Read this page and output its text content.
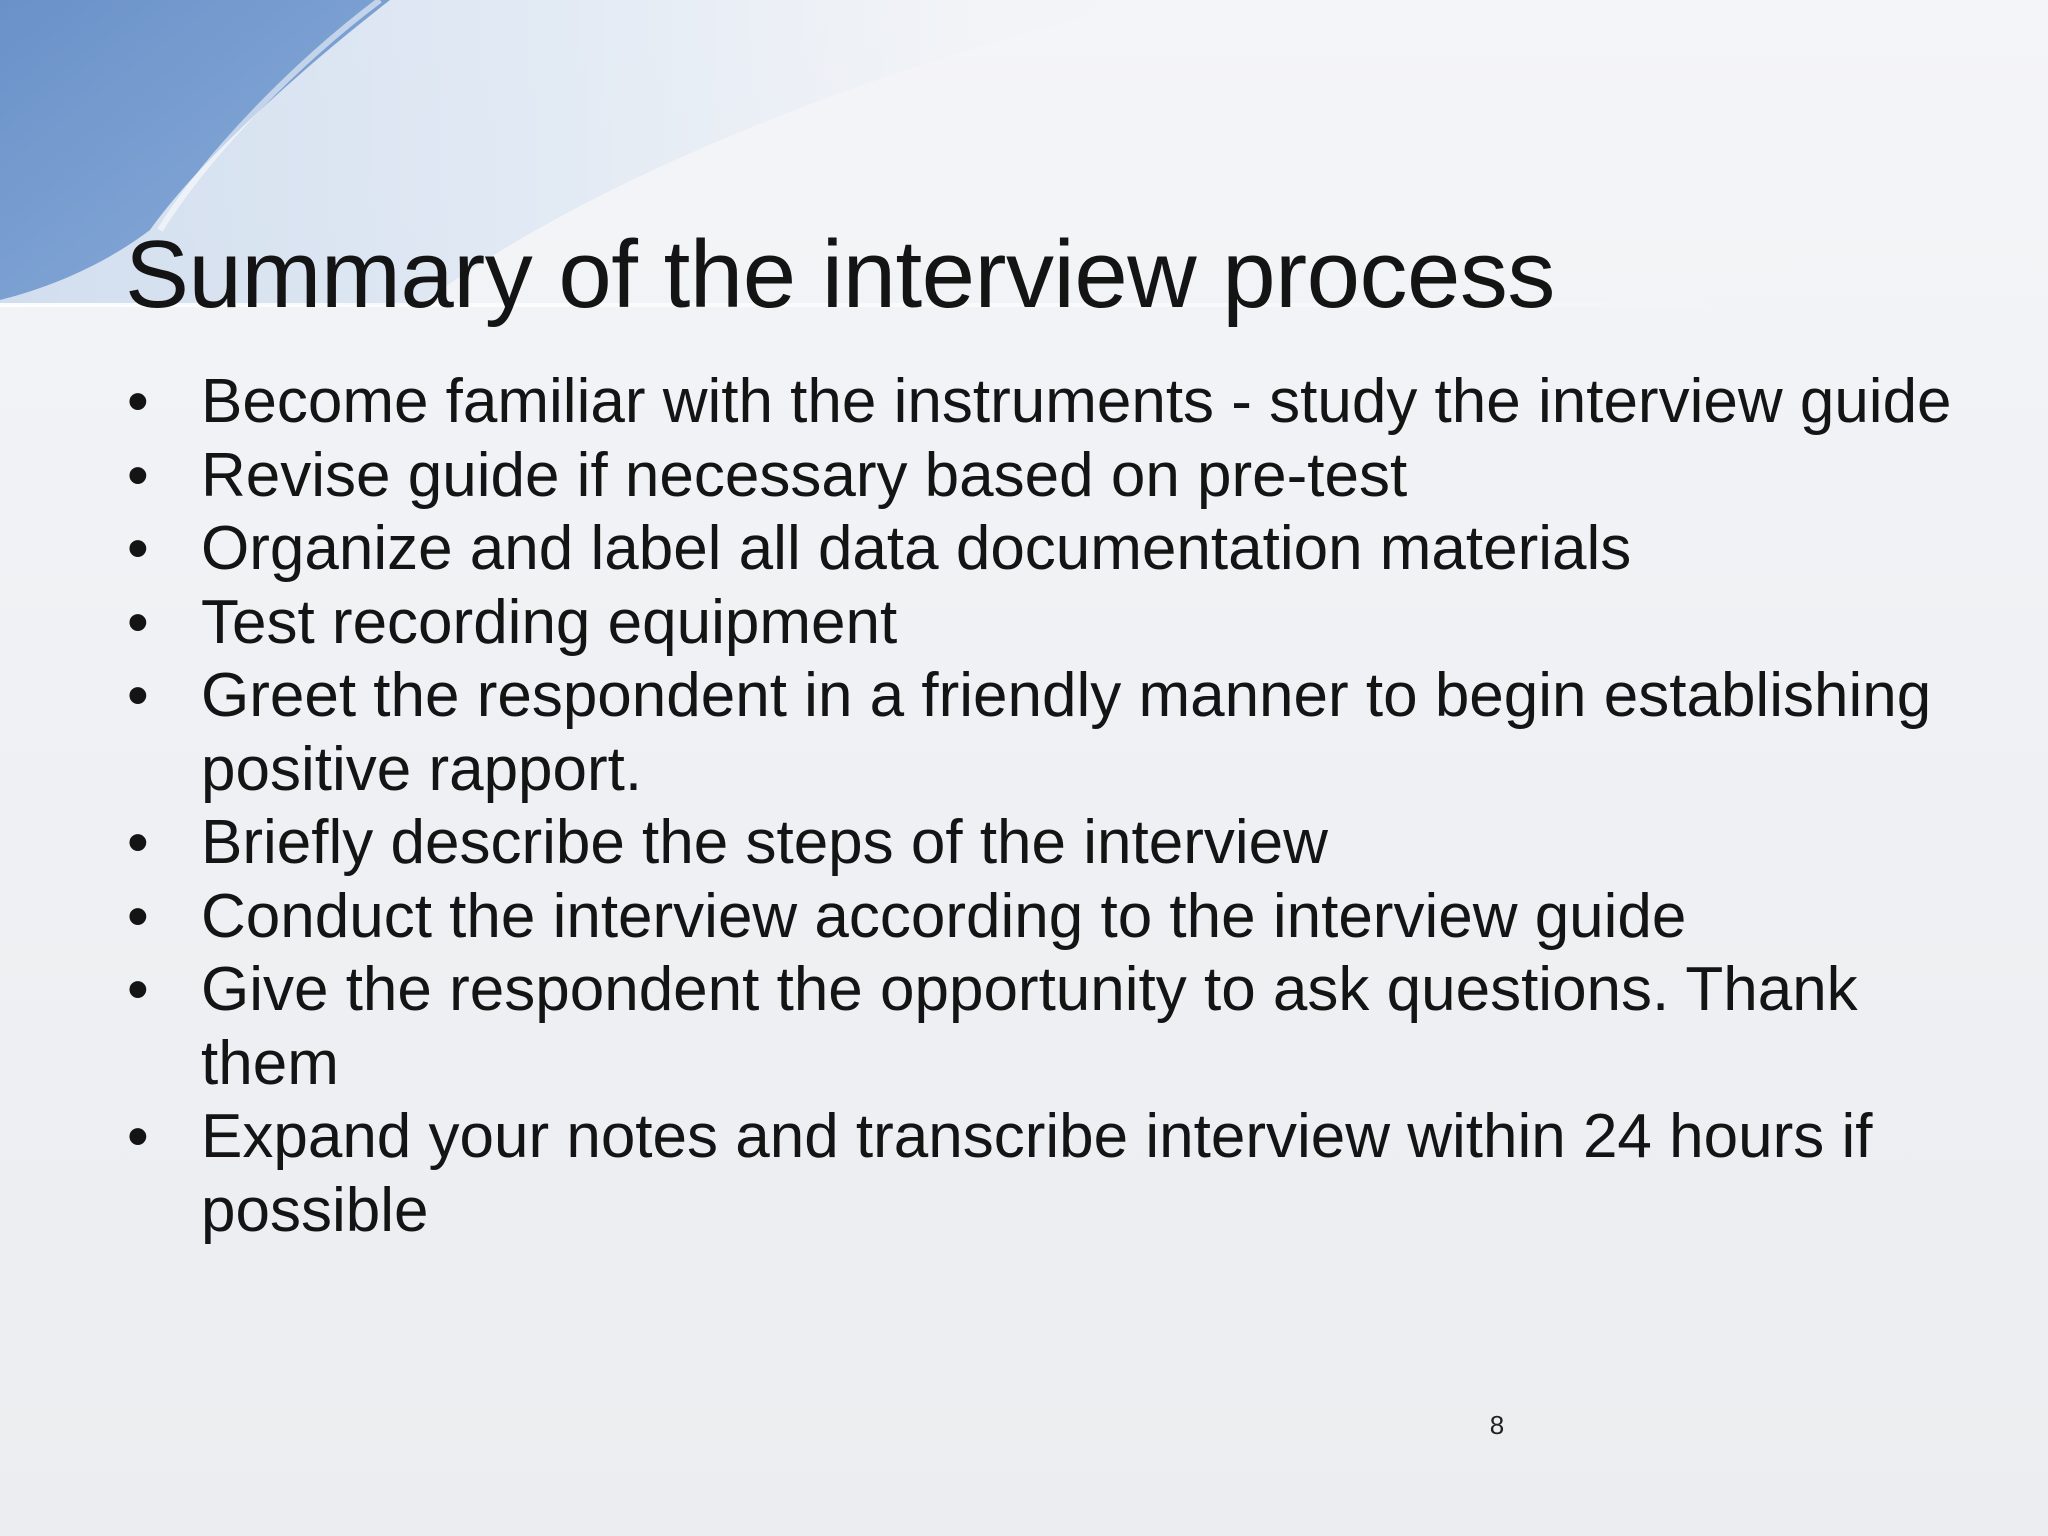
Summary of the interview process
• Become familiar with the instruments - study the interview guide
• Revise guide if necessary based on pre-test
• Organize and label all data documentation materials
• Test recording equipment
• Greet the respondent in a friendly manner to begin establishing positive rapport.
• Briefly describe the steps of the interview
• Conduct the interview according to the interview guide
• Give the respondent the opportunity to ask questions. Thank them
• Expand your notes and transcribe interview within 24 hours if possible
8
